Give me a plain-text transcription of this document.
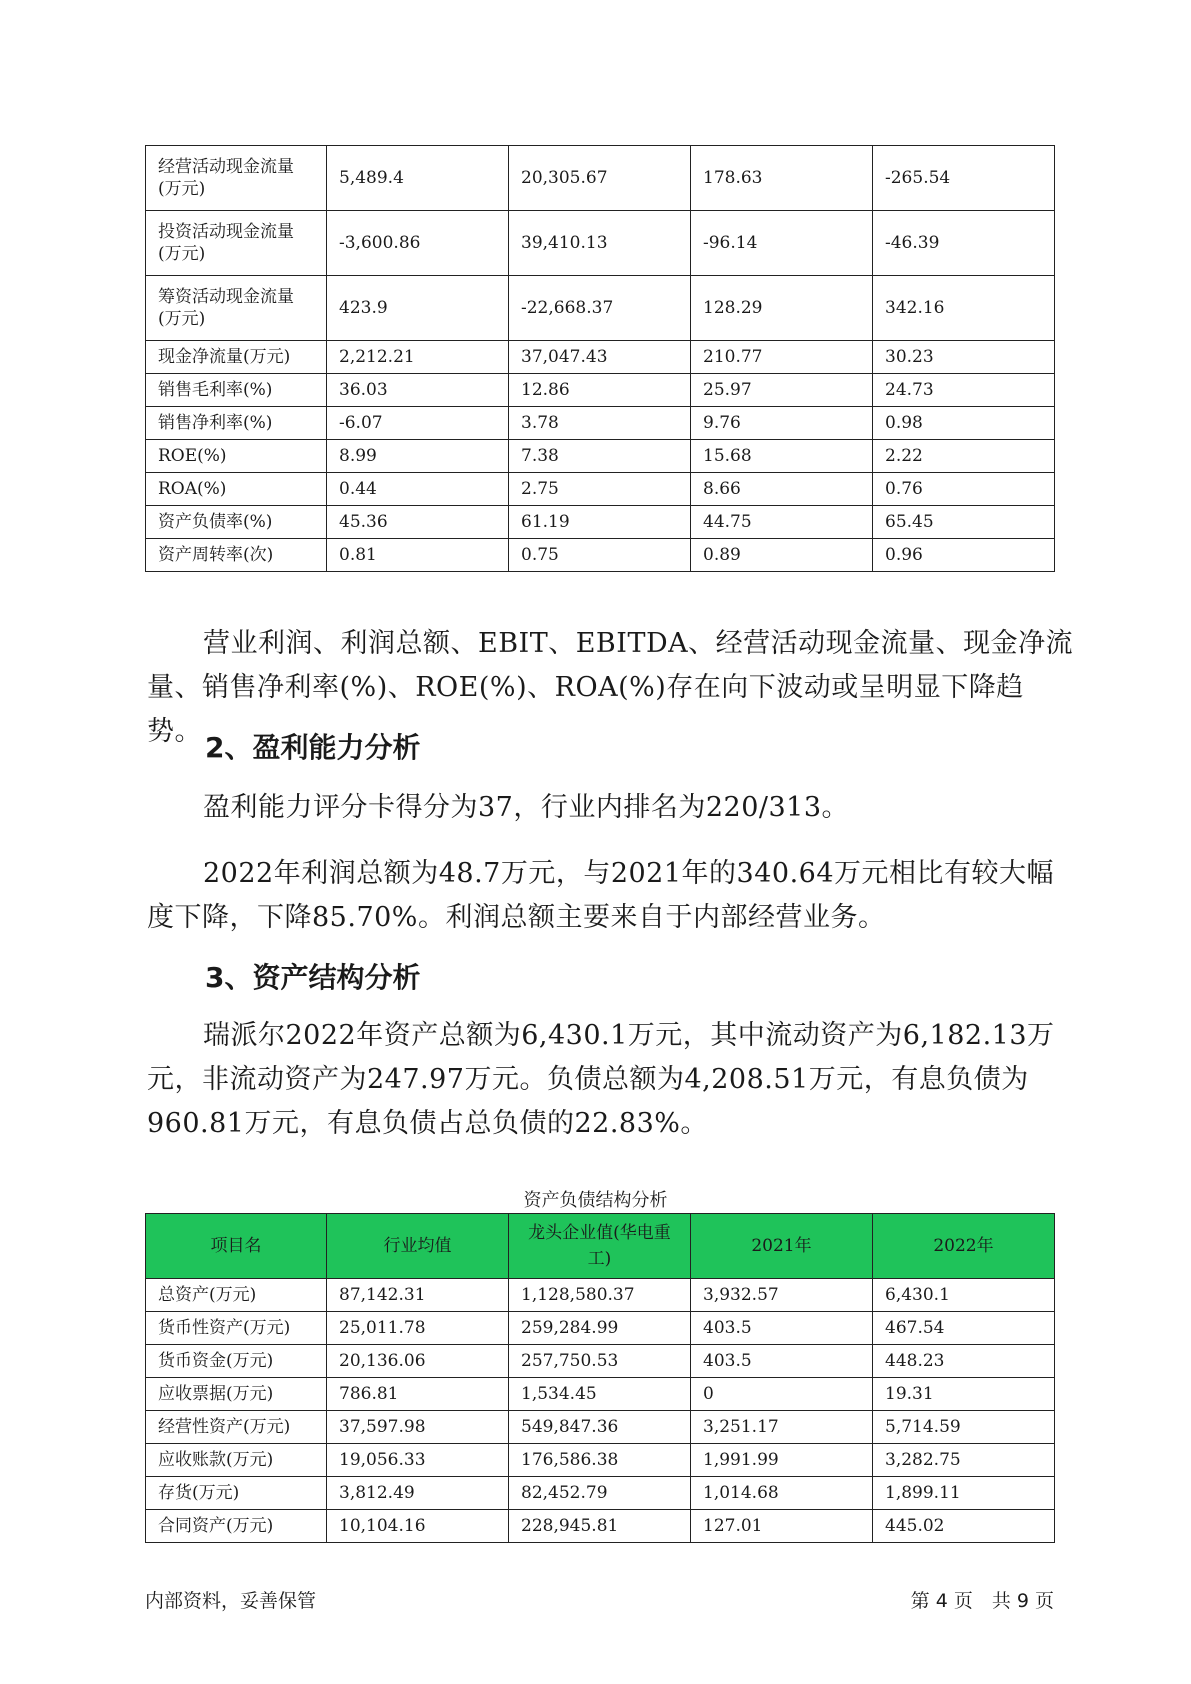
经营活动现金流量(万元)	5,489.4	20,305.67	178.63	-265.54
投资活动现金流量(万元)	-3,600.86	39,410.13	-96.14	-46.39
筹资活动现金流量(万元)	423.9	-22,668.37	128.29	342.16
现金净流量(万元)	2,212.21	37,047.43	210.77	30.23
销售毛利率(%)	36.03	12.86	25.97	24.73
销售净利率(%)	-6.07	3.78	9.76	0.98
ROE(%)	8.99	7.38	15.68	2.22
ROA(%)	0.44	2.75	8.66	0.76
资产负债率(%)	45.36	61.19	44.75	65.45
资产周转率(次)	0.81	0.75	0.89	0.96

营业利润、利润总额、EBIT、EBITDA、经营活动现金流量、现金净流量、销售净利率(%)、ROE(%)、ROA(%)存在向下波动或呈明显下降趋势。 2、盈利能力分析

盈利能力评分卡得分为37，行业内排名为220/313。

2022年利润总额为48.7万元，与2021年的340.64万元相比有较大幅度下降，下降85.70%。利润总额主要来自于内部经营业务。

3、资产结构分析

瑞派尔2022年资产总额为6,430.1万元，其中流动资产为6,182.13万元，非流动资产为247.97万元。负债总额为4,208.51万元，有息负债为960.81万元，有息负债占总负债的22.83%。

资产负债结构分析

项目名	行业均值	龙头企业值(华电重工)	2021年	2022年
总资产(万元)	87,142.31	1,128,580.37	3,932.57	6,430.1
货币性资产(万元)	25,011.78	259,284.99	403.5	467.54
货币资金(万元)	20,136.06	257,750.53	403.5	448.23
应收票据(万元)	786.81	1,534.45	0	19.31
经营性资产(万元)	37,597.98	549,847.36	3,251.17	5,714.59
应收账款(万元)	19,056.33	176,586.38	1,991.99	3,282.75
存货(万元)	3,812.49	82,452.79	1,014.68	1,899.11
合同资产(万元)	10,104.16	228,945.81	127.01	445.02

内部资料，妥善保管	第 4 页　共 9 页
